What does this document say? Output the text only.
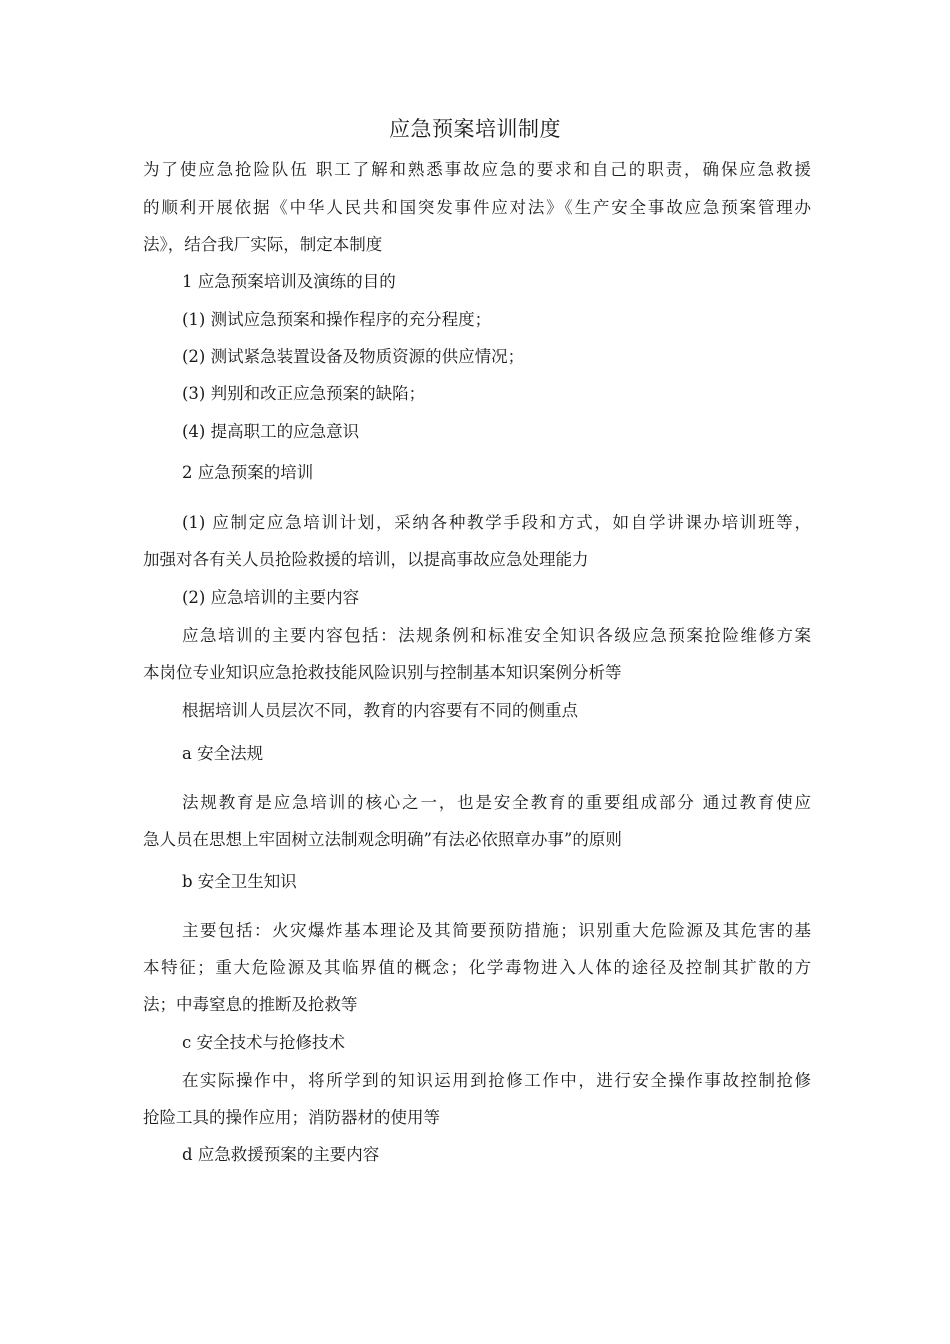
应急预案培训制度
为了使应急抢险队伍 职工了解和熟悉事故应急的要求和自己的职责，确保应急救援
的顺利开展依据《中华人民共和国突发事件应对法》《生产安全事故应急预案管理办
法》，结合我厂实际，制定本制度
1 应急预案培训及演练的目的
(1) 测试应急预案和操作程序的充分程度；
(2) 测试紧急装置设备及物质资源的供应情况；
(3) 判别和改正应急预案的缺陷；
(4) 提高职工的应急意识
2 应急预案的培训
(1) 应制定应急培训计划，采纳各种教学手段和方式，如自学讲课办培训班等，
加强对各有关人员抢险救援的培训，以提高事故应急处理能力
(2) 应急培训的主要内容
应急培训的主要内容包括：法规条例和标准安全知识各级应急预案抢险维修方案
本岗位专业知识应急抢救技能风险识别与控制基本知识案例分析等
根据培训人员层次不同，教育的内容要有不同的侧重点
a 安全法规
法规教育是应急培训的核心之一，也是安全教育的重要组成部分 通过教育使应
急人员在思想上牢固树立法制观念明确”有法必依照章办事”的原则
b 安全卫生知识
主要包括：火灾爆炸基本理论及其简要预防措施；识别重大危险源及其危害的基
本特征；重大危险源及其临界值的概念；化学毒物进入人体的途径及控制其扩散的方
法；中毒窒息的推断及抢救等
c 安全技术与抢修技术
在实际操作中，将所学到的知识运用到抢修工作中，进行安全操作事故控制抢修
抢险工具的操作应用；消防器材的使用等
d 应急救援预案的主要内容
